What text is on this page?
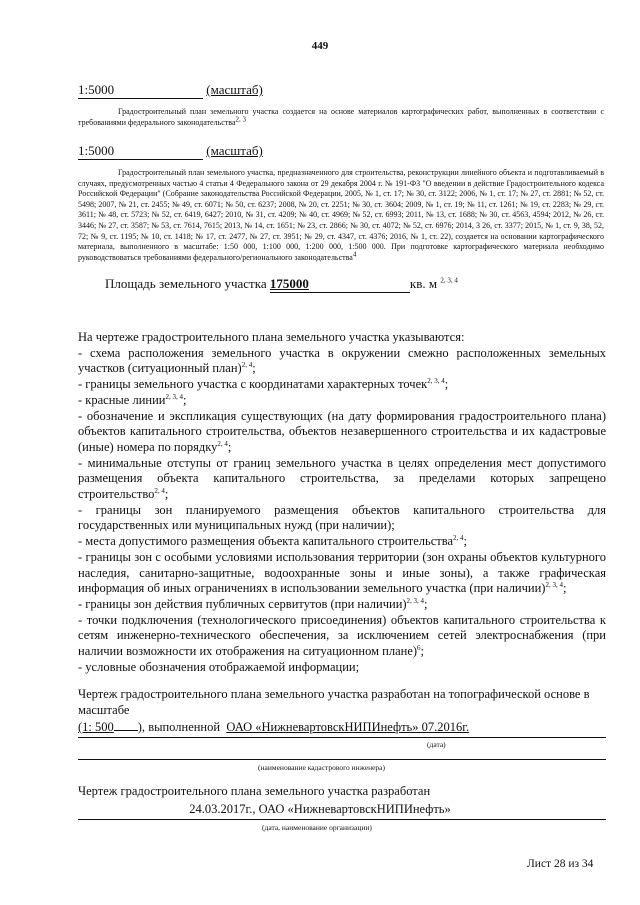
449
1:5000	(масштаб)
Градостроительный план земельного участка создается на основе материалов картографических работ, выполненных в соответствии с требованиями федерального законодательства$^{2, 3}$
1:5000	(масштаб)
Градостроительный план земельного участка, предназначенного для строительства, реконструкции линейного объекта и подготавливаемый в случаях, предусмотренных частью 4 статьи 4 Федерального закона от 29 декабря 2004 г. № 191-ФЗ "О введении в действие Градостроительного кодекса Российской Федерации" (Собрание законодательства Российской Федерации, 2005, № 1, ст. 17; № 30, ст. 3122; 2006, № 1, ст. 17; № 27, ст. 2881; № 52, ст. 5498; 2007, № 21, ст. 2455; № 49, ст. 6071; № 50, ст. 6237; 2008, № 20, ст. 2251; № 30, ст. 3604; 2009, № 1, ст. 19; № 11, ст. 1261; № 19, ст. 2283; № 29, ст. 3611; № 48, ст. 5723; № 52, ст. 6419, 6427; 2010, № 31, ст. 4209; № 40, ст. 4969; № 52, ст. 6993; 2011, № 13, ст. 1688; № 30, ст. 4563, 4594; 2012, № 26, ст. 3446; № 27, ст. 3587; № 53, ст. 7614, 7615; 2013, № 14, ст. 1651; № 23, ст. 2866; № 30, ст. 4072; № 52, ст. 6976; 2014, 3 26, ст. 3377; 2015, № 1, ст. 9, 38, 52, 72; № 9, ст. 1195; № 10, ст. 1418; № 17, ст. 2477, № 27, ст. 3951; № 29, ст. 4347, ст. 4376; 2016, № 1, ст. 22), создается на основании картографического материала, выполненного в масштабе: 1:50 000, 1:100 000, 1:200 000, 1:500 000. При подготовке картографического материала необходимо руководствоваться требованиями федерального/регионального законодательства$^4$
Площадь земельного участка 175000	кв. м $^{2, 3, 4}$

На чертеже градостроительного плана земельного участка указываются:

- схема расположения земельного участка в окружении смежно расположенных земельных участков (ситуационный план)$^{2, 4}$;

- границы земельного участка с координатами характерных точек$^{2, 3, 4}$;

- красные линии$^{2, 3, 4}$;

- обозначение и экспликация существующих (на дату формирования градостроительного плана) объектов капитального строительства, объектов незавершенного строительства и их кадастровые (иные) номера по порядку$^{2, 4}$;

- минимальные отступы от границ земельного участка в целях определения мест допустимого размещения объекта капитального строительства, за пределами которых запрещено строительство$^{2, 4}$;

- границы зон планируемого размещения объектов капитального строительства для государственных или муниципальных нужд (при наличии);

- места допустимого размещения объекта капитального строительства$^{2, 4}$;

- границы зон с особыми условиями использования территории (зон охраны объектов культурного наследия, санитарно-защитные, водоохранные зоны и иные зоны), а также графическая информация об иных ограничениях в использовании земельного участка (при наличии)$^{2, 3, 4}$;

- границы зон действия публичных сервитутов (при наличии)$^{2, 3, 4}$;

- точки подключения (технологического присоединения) объектов капитального строительства к сетям инженерно-технического обеспечения, за исключением сетей электроснабжения (при наличии возможности их отображения на ситуационном плане)$^6$;

- условные обозначения отображаемой информации;

Чертеж градостроительного плана земельного участка разработан на топографической основе в масштабе

(1: 500 ), выполненной ОАО «НижневартовскНИПИнефть» 07.2016г.
(дата)
(наименование кадастрового инженера)
Чертеж градостроительного плана земельного участка разработан
24.03.2017г., ОАО «НижневартовскНИПИнефть»
(дата, наименование организации)
Лист 28 из 34
